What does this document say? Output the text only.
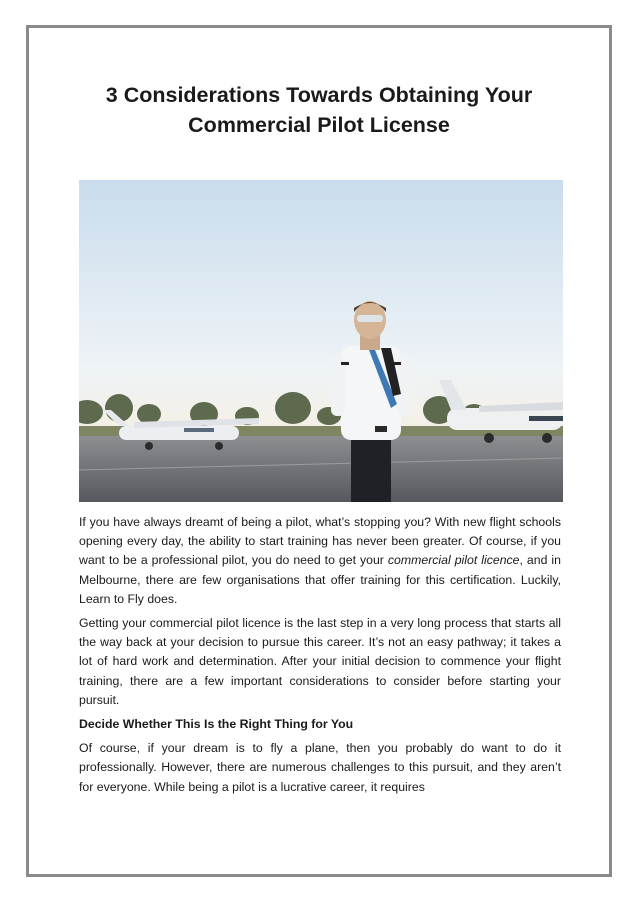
3 Considerations Towards Obtaining Your
Commercial Pilot License

If you have always dreamt of being a pilot, what’s stopping you? With new flight schools opening every day, the ability to start training has never been greater. Of course, if you want to be a professional pilot, you do need to get your commercial pilot licence, and in Melbourne, there are few organisations that offer training for this certification. Luckily, Learn to Fly does.

Getting your commercial pilot licence is the last step in a very long process that starts all the way back at your decision to pursue this career. It’s not an easy pathway; it takes a lot of hard work and determination. After your initial decision to commence your flight training, there are a few important considerations to consider before starting your pursuit.

Decide Whether This Is the Right Thing for You

Of course, if your dream is to fly a plane, then you probably do want to do it professionally. However, there are numerous challenges to this pursuit, and they aren’t for everyone. While being a pilot is a lucrative career, it requires
